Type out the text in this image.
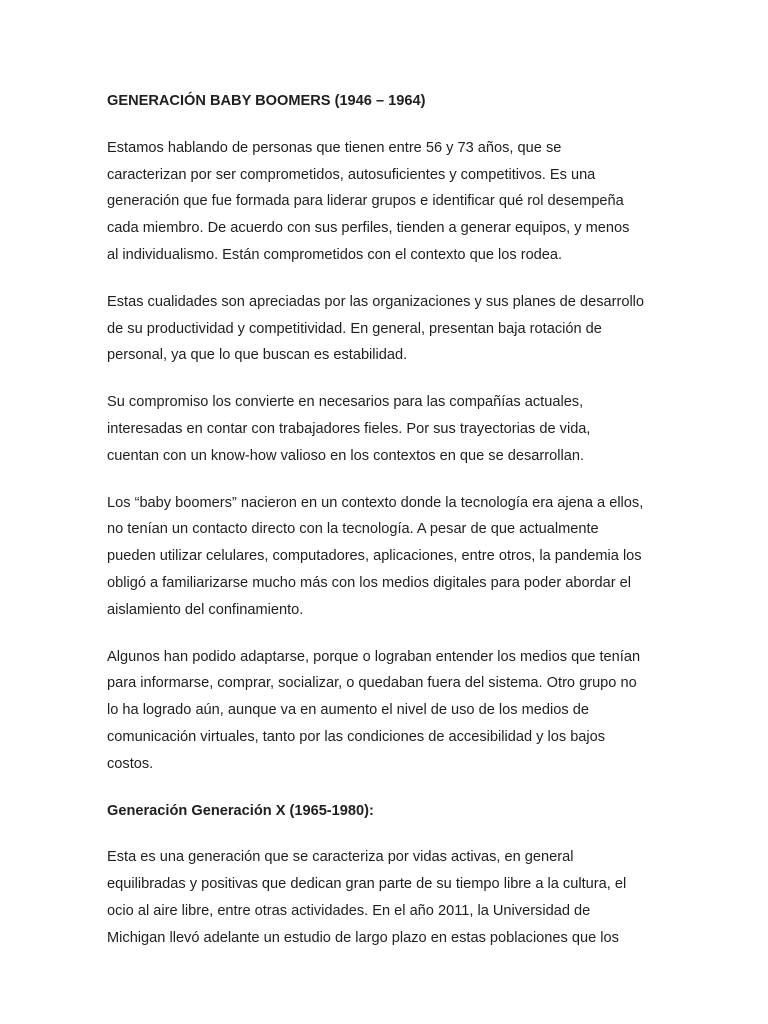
GENERACIÓN BABY BOOMERS (1946 – 1964)

Estamos hablando de personas que tienen entre 56 y 73 años, que se
caracterizan por ser comprometidos, autosuficientes y competitivos. Es una
generación que fue formada para liderar grupos e identificar qué rol desempeña
cada miembro. De acuerdo con sus perfiles, tienden a generar equipos, y menos
al individualismo. Están comprometidos con el contexto que los rodea.

Estas cualidades son apreciadas por las organizaciones y sus planes de desarrollo
de su productividad y competitividad. En general, presentan baja rotación de
personal, ya que lo que buscan es estabilidad.

Su compromiso los convierte en necesarios para las compañías actuales,
interesadas en contar con trabajadores fieles. Por sus trayectorias de vida,
cuentan con un know-how valioso en los contextos en que se desarrollan.

Los “baby boomers” nacieron en un contexto donde la tecnología era ajena a ellos,
no tenían un contacto directo con la tecnología. A pesar de que actualmente
pueden utilizar celulares, computadores, aplicaciones, entre otros, la pandemia los
obligó a familiarizarse mucho más con los medios digitales para poder abordar el
aislamiento del confinamiento.

Algunos han podido adaptarse, porque o lograban entender los medios que tenían
para informarse, comprar, socializar, o quedaban fuera del sistema. Otro grupo no
lo ha logrado aún, aunque va en aumento el nivel de uso de los medios de
comunicación virtuales, tanto por las condiciones de accesibilidad y los bajos
costos.

Generación Generación X (1965-1980):

Esta es una generación que se caracteriza por vidas activas, en general
equilibradas y positivas que dedican gran parte de su tiempo libre a la cultura, el
ocio al aire libre, entre otras actividades. En el año 2011, la Universidad de
Michigan llevó adelante un estudio de largo plazo en estas poblaciones que los
